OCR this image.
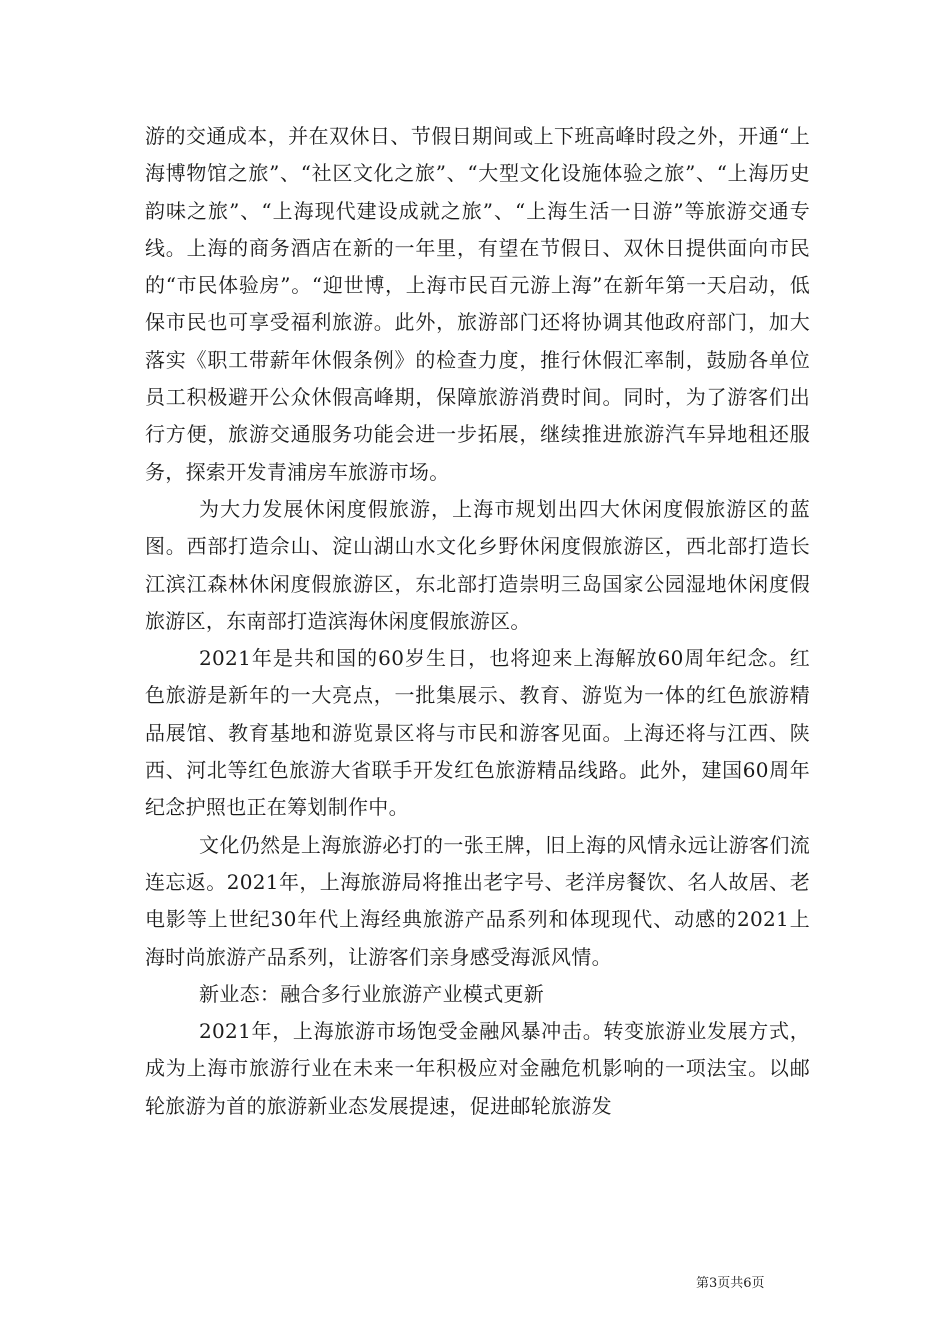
游的交通成本，并在双休日、节假日期间或上下班高峰时段之外，开通“上海博物馆之旅”、“社区文化之旅”、“大型文化设施体验之旅”、“上海历史韵味之旅”、“上海现代建设成就之旅”、“上海生活一日游”等旅游交通专线。上海的商务酒店在新的一年里，有望在节假日、双休日提供面向市民的“市民体验房”。“迎世博，上海市民百元游上海”在新年第一天启动，低保市民也可享受福利旅游。此外，旅游部门还将协调其他政府部门，加大落实《职工带薪年休假条例》的检查力度，推行休假汇率制，鼓励各单位员工积极避开公众休假高峰期，保障旅游消费时间。同时，为了游客们出行方便，旅游交通服务功能会进一步拓展，继续推进旅游汽车异地租还服务，探索开发青浦房车旅游市场。

为大力发展休闲度假旅游，上海市规划出四大休闲度假旅游区的蓝图。西部打造佘山、淀山湖山水文化乡野休闲度假旅游区，西北部打造长江滨江森林休闲度假旅游区，东北部打造崇明三岛国家公园湿地休闲度假旅游区，东南部打造滨海休闲度假旅游区。

2021年是共和国的60岁生日，也将迎来上海解放60周年纪念。红色旅游是新年的一大亮点，一批集展示、教育、游览为一体的红色旅游精品展馆、教育基地和游览景区将与市民和游客见面。上海还将与江西、陕西、河北等红色旅游大省联手开发红色旅游精品线路。此外，建国60周年纪念护照也正在筹划制作中。

文化仍然是上海旅游必打的一张王牌，旧上海的风情永远让游客们流连忘返。2021年，上海旅游局将推出老字号、老洋房餐饮、名人故居、老电影等上世纪30年代上海经典旅游产品系列和体现现代、动感的2021上海时尚旅游产品系列，让游客们亲身感受海派风情。

新业态：融合多行业旅游产业模式更新

2021年，上海旅游市场饱受金融风暴冲击。转变旅游业发展方式，成为上海市旅游行业在未来一年积极应对金融危机影响的一项法宝。以邮轮旅游为首的旅游新业态发展提速，促进邮轮旅游发

第3页共6页
